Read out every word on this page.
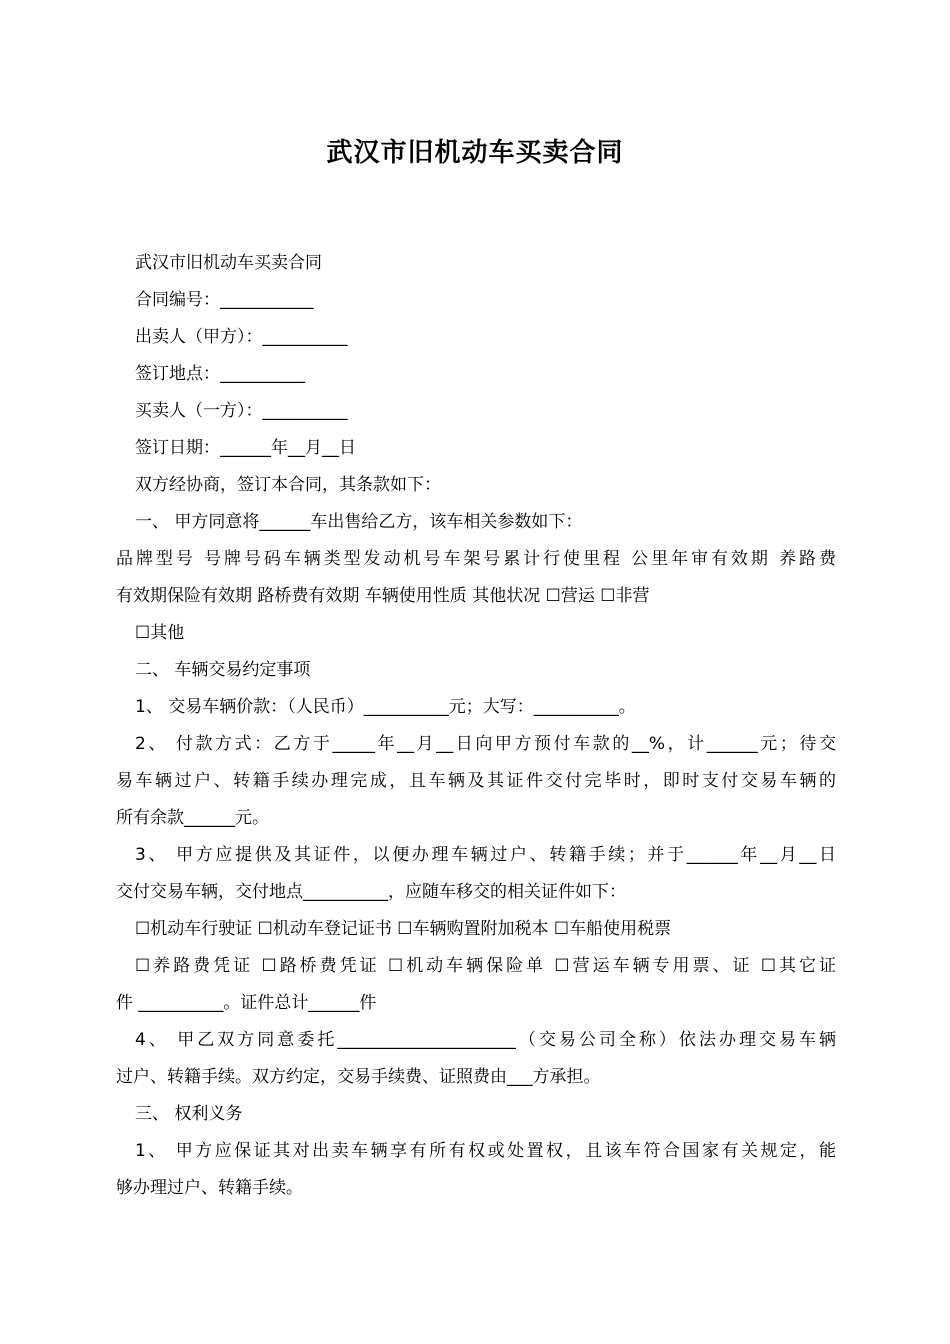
武汉市旧机动车买卖合同

武汉市旧机动车买卖合同

合同编号：___________

出卖人（甲方）：__________

签订地点：__________

买卖人（一方）：__________

签订日期：______年__月__日

双方经协商，签订本合同，其条款如下：

一、 甲方同意将______车出售给乙方，该车相关参数如下：

品牌型号 号牌号码车辆类型发动机号车架号累计行使里程 公里年审有效期 养路费

有效期保险有效期 路桥费有效期 车辆使用性质 其他状况 ☐营运 ☐非营

☐其他

二、 车辆交易约定事项

1、 交易车辆价款：（人民币）__________元；大写：__________。

2、 付款方式：乙方于_____年__月__日向甲方预付车款的__%，计______元；待交

易车辆过户、转籍手续办理完成，且车辆及其证件交付完毕时，即时支付交易车辆的

所有余款______元。

3、 甲方应提供及其证件，以便办理车辆过户、转籍手续；并于______年__月__日

交付交易车辆，交付地点__________，应随车移交的相关证件如下：

☐机动车行驶证 ☐机动车登记证书 ☐车辆购置附加税本 ☐车船使用税票

☐养路费凭证 ☐路桥费凭证 ☐机动车辆保险单 ☐营运车辆专用票、证 ☐其它证

件 __________。证件总计______件

4、 甲乙双方同意委托_____________________（交易公司全称）依法办理交易车辆

过户、转籍手续。双方约定，交易手续费、证照费由___方承担。

三、 权利义务

1、 甲方应保证其对出卖车辆享有所有权或处置权，且该车符合国家有关规定，能

够办理过户、转籍手续。
